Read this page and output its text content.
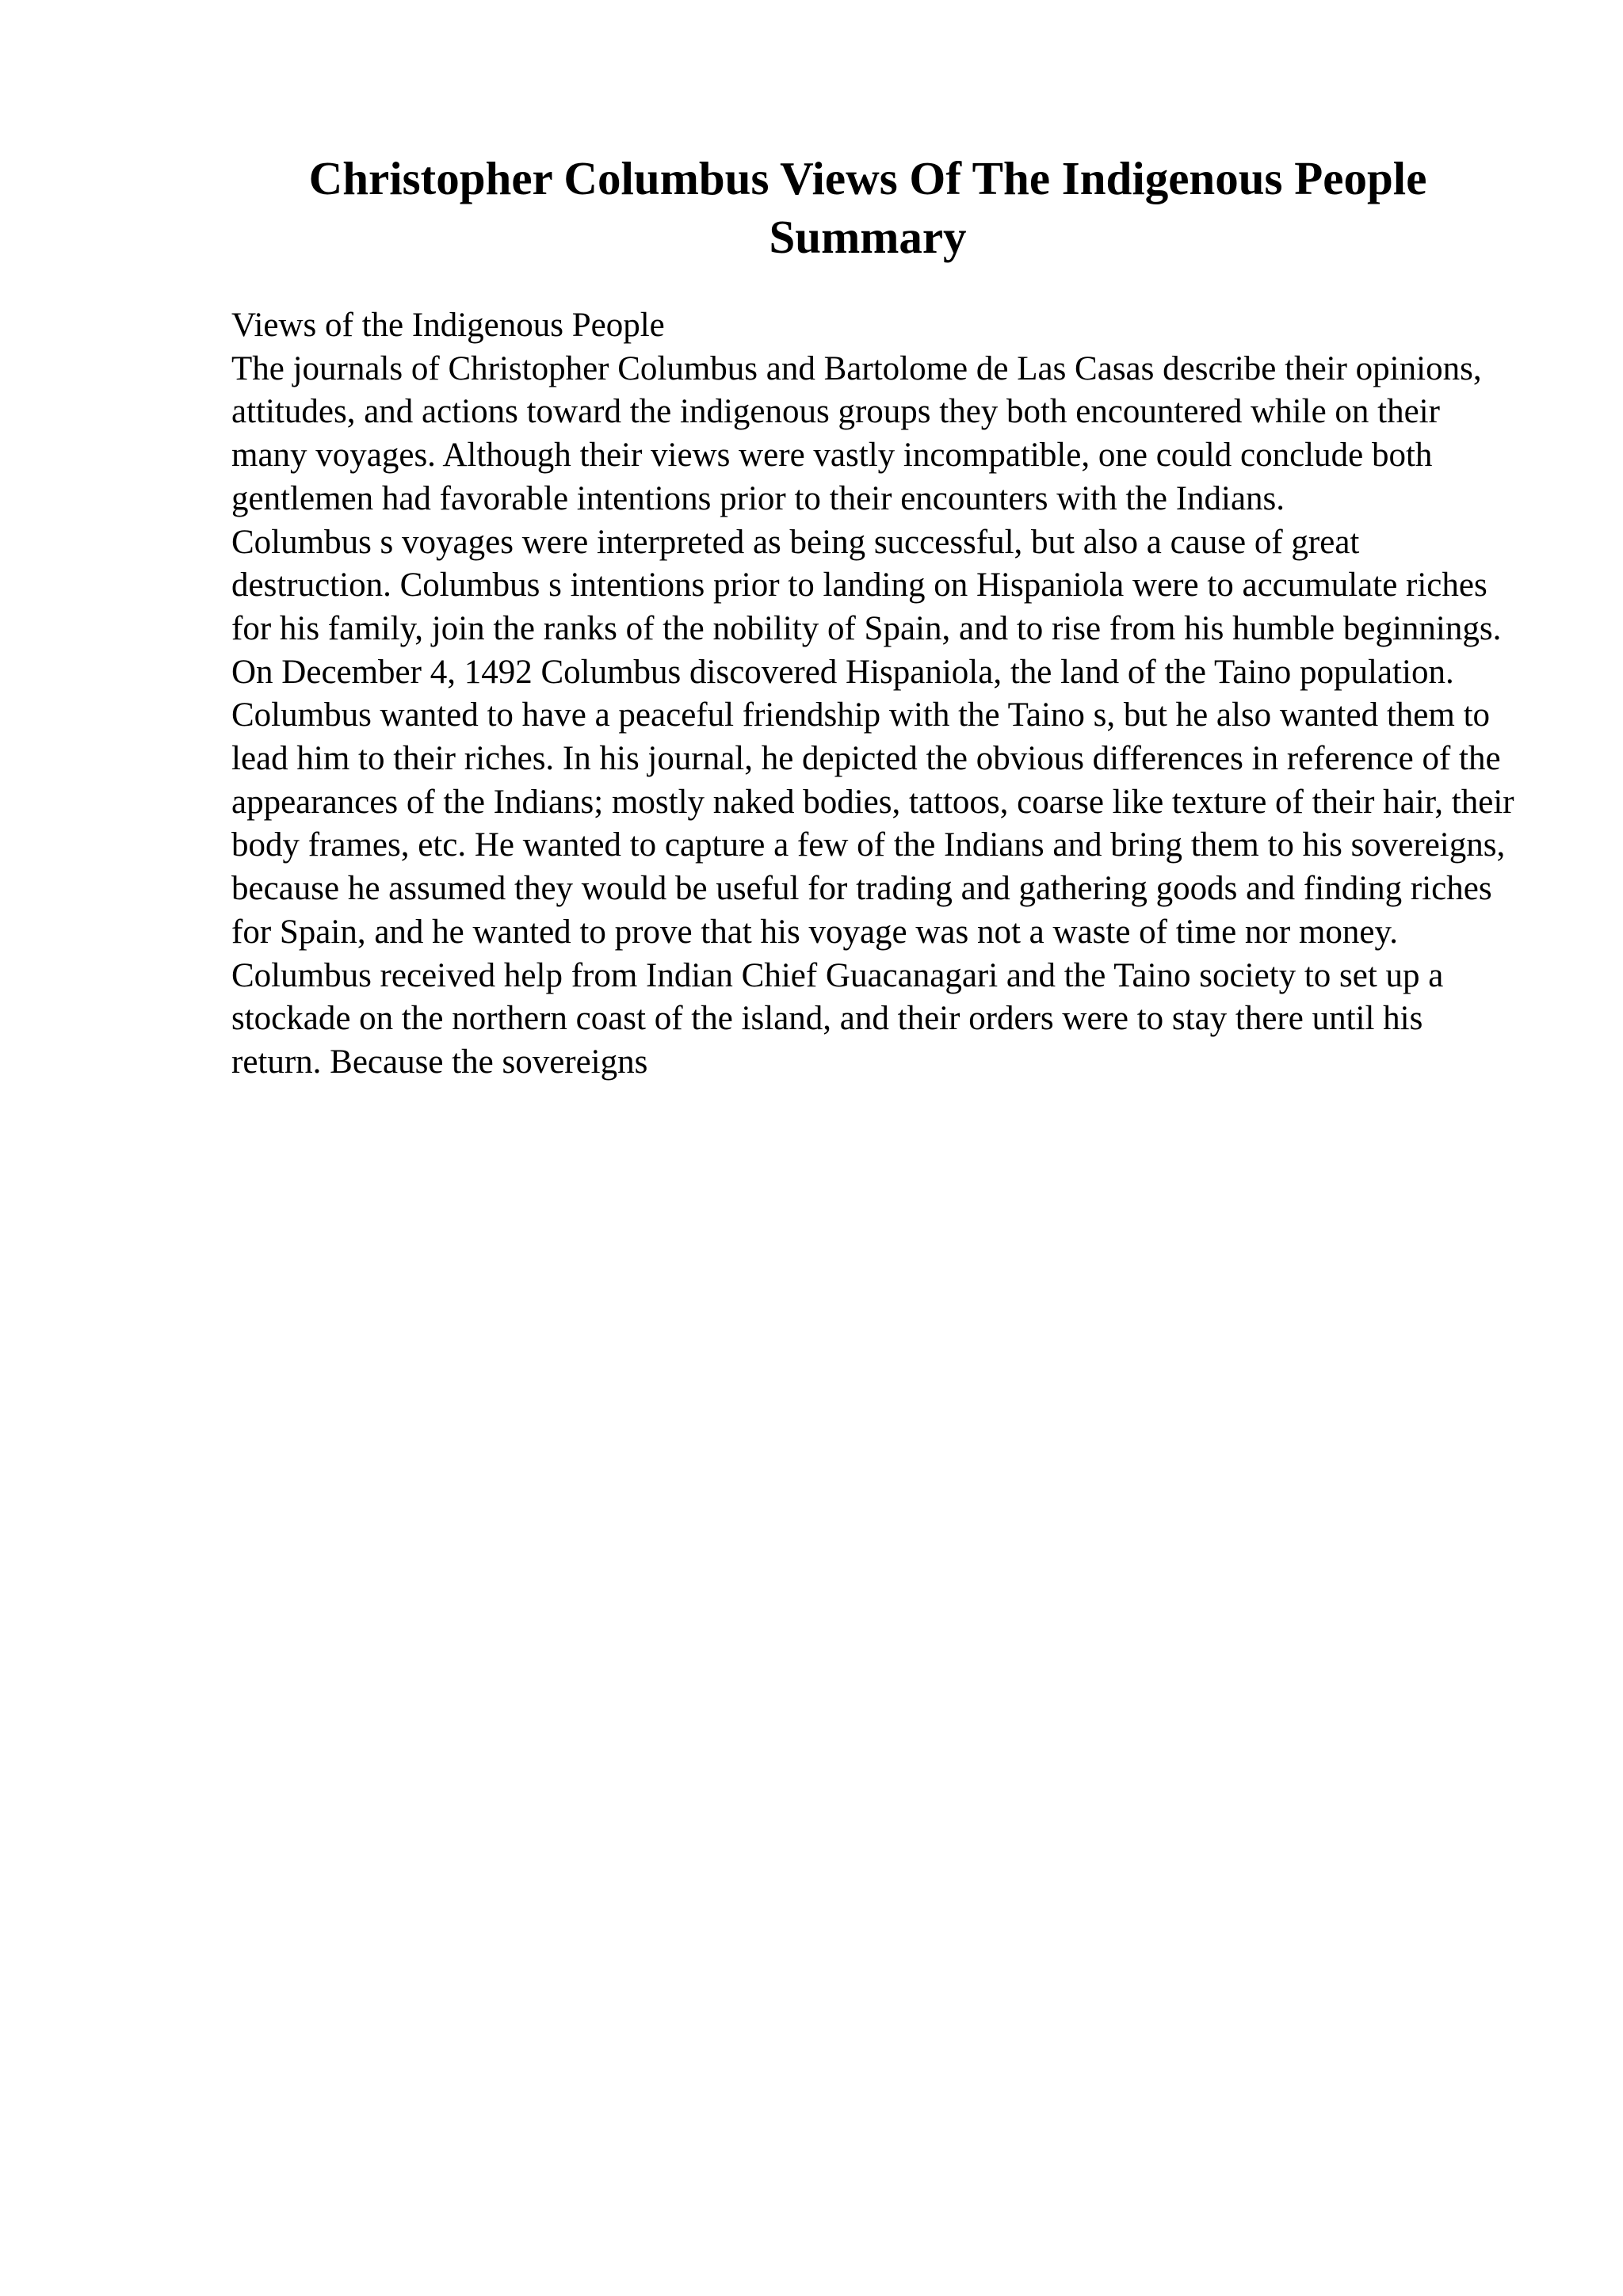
Christopher Columbus Views Of The Indigenous People Summary

Views of the Indigenous People

The journals of Christopher Columbus and Bartolome de Las Casas describe their opinions, attitudes, and actions toward the indigenous groups they both encountered while on their many voyages. Although their views were vastly incompatible, one could conclude both gentlemen had favorable intentions prior to their encounters with the Indians.

Columbus s voyages were interpreted as being successful, but also a cause of great destruction. Columbus s intentions prior to landing on Hispaniola were to accumulate riches for his family, join the ranks of the nobility of Spain, and to rise from his humble beginnings. On December 4, 1492 Columbus discovered Hispaniola, the land of the Taino population. Columbus wanted to have a peaceful friendship with the Taino s, but he also wanted them to lead him to their riches. In his journal, he depicted the obvious differences in reference of the appearances of the Indians; mostly naked bodies, tattoos, coarse like texture of their hair, their body frames, etc. He wanted to capture a few of the Indians and bring them to his sovereigns, because he assumed they would be useful for trading and gathering goods and finding riches for Spain, and he wanted to prove that his voyage was not a waste of time nor money. Columbus received help from Indian Chief Guacanagari and the Taino society to set up a stockade on the northern coast of the island, and their orders were to stay there until his return. Because the sovereigns
